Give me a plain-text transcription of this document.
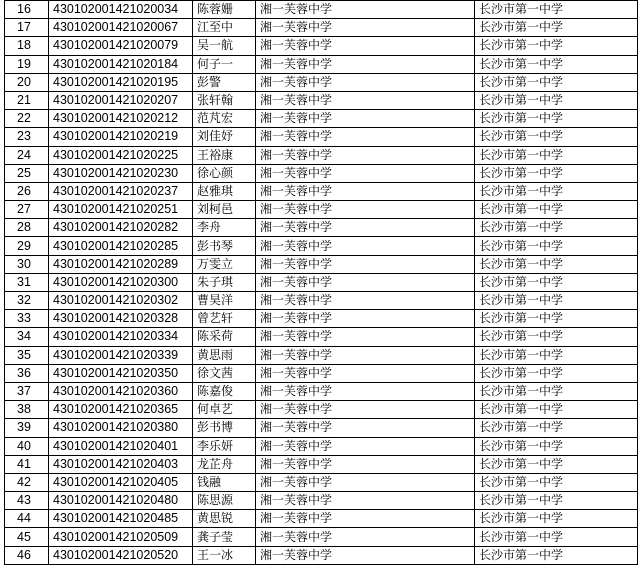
16	430102001421020034	陈蓉姗	湘一芙蓉中学	长沙市第一中学
17	430102001421020067	江至中	湘一芙蓉中学	长沙市第一中学
18	430102001421020079	吴一航	湘一芙蓉中学	长沙市第一中学
19	430102001421020184	何子一	湘一芙蓉中学	长沙市第一中学
20	430102001421020195	彭警	湘一芙蓉中学	长沙市第一中学
21	430102001421020207	张轩翰	湘一芙蓉中学	长沙市第一中学
22	430102001421020212	范芃宏	湘一芙蓉中学	长沙市第一中学
23	430102001421020219	刘佳妤	湘一芙蓉中学	长沙市第一中学
24	430102001421020225	王裕康	湘一芙蓉中学	长沙市第一中学
25	430102001421020230	徐心颜	湘一芙蓉中学	长沙市第一中学
26	430102001421020237	赵雅琪	湘一芙蓉中学	长沙市第一中学
27	430102001421020251	刘柯邑	湘一芙蓉中学	长沙市第一中学
28	430102001421020282	李舟	湘一芙蓉中学	长沙市第一中学
29	430102001421020285	彭书琴	湘一芙蓉中学	长沙市第一中学
30	430102001421020289	万雯立	湘一芙蓉中学	长沙市第一中学
31	430102001421020300	朱子琪	湘一芙蓉中学	长沙市第一中学
32	430102001421020302	曹昊洋	湘一芙蓉中学	长沙市第一中学
33	430102001421020328	曾艺轩	湘一芙蓉中学	长沙市第一中学
34	430102001421020334	陈采荷	湘一芙蓉中学	长沙市第一中学
35	430102001421020339	黄思雨	湘一芙蓉中学	长沙市第一中学
36	430102001421020350	徐文茜	湘一芙蓉中学	长沙市第一中学
37	430102001421020360	陈嘉俊	湘一芙蓉中学	长沙市第一中学
38	430102001421020365	何卓艺	湘一芙蓉中学	长沙市第一中学
39	430102001421020380	彭书博	湘一芙蓉中学	长沙市第一中学
40	430102001421020401	李乐妍	湘一芙蓉中学	长沙市第一中学
41	430102001421020403	龙芷舟	湘一芙蓉中学	长沙市第一中学
42	430102001421020405	钱融	湘一芙蓉中学	长沙市第一中学
43	430102001421020480	陈思源	湘一芙蓉中学	长沙市第一中学
44	430102001421020485	黄思锐	湘一芙蓉中学	长沙市第一中学
45	430102001421020509	龚子莹	湘一芙蓉中学	长沙市第一中学
46	430102001421020520	王一冰	湘一芙蓉中学	长沙市第一中学
